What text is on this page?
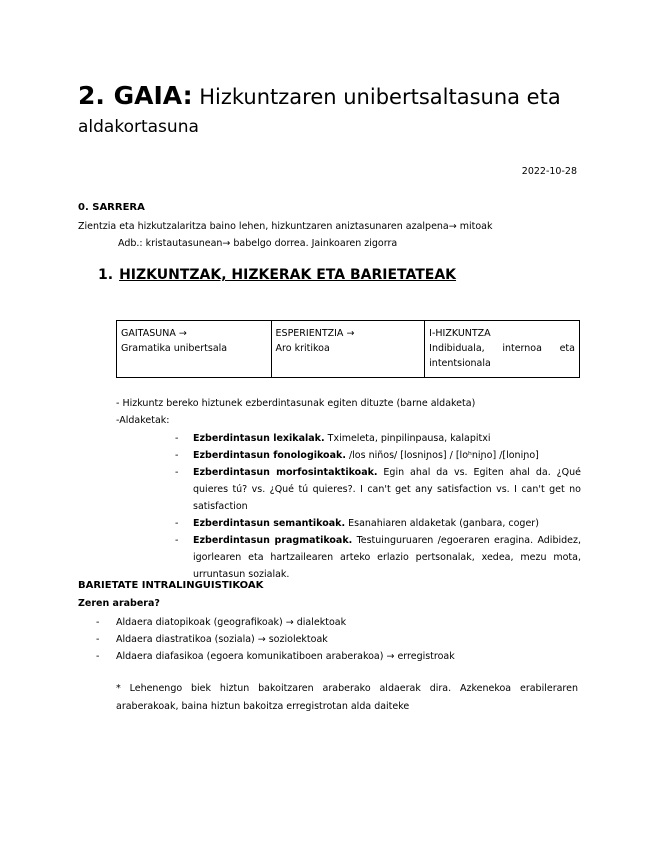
2. GAIA: Hizkuntzaren unibertsaltasuna eta
aldakortasuna
2022-10-28
0. SARRERA
Zientzia eta hizkutzalaritza baino lehen, hizkuntzaren aniztasunaren azalpena→ mitoak
Adb.: kristautasunean→ babelgo dorrea. Jainkoaren zigorra
1. HIZKUNTZAK, HIZKERAK ETA BARIETATEAK
GAITASUNA →
Gramatika unibertsala

ESPERIENTZIA →
Aro kritikoa

I-HIZKUNTZA
Indibiduala, internoa eta
intentsionala
- Hizkuntz bereko hiztunek ezberdintasunak egiten dituzte (barne aldaketa)
-Aldaketak:
- Ezberdintasun lexikalak. Tximeleta, pinpilinpausa, kalapitxi
- Ezberdintasun fonologikoak. /los niños/ [losniɲos] / [loʰniɲo] /[loniɲo]
- Ezberdintasun morfosintaktikoak. Egin ahal da vs. Egiten ahal da. ¿Qué quieres tú? vs. ¿Qué tú quieres?. I can't get any satisfaction vs. I can't get no satisfaction
- Ezberdintasun semantikoak. Esanahiaren aldaketak (ganbara, coger)
- Ezberdintasun pragmatikoak. Testuinguruaren /egoeraren eragina. Adibidez, igorlearen eta hartzailearen arteko erlazio pertsonalak, xedea, mezu mota, urruntasun sozialak.
BARIETATE INTRALINGUISTIKOAK
Zeren arabera?
- Aldaera diatopikoak (geografikoak) → dialektoak
- Aldaera diastratikoa (soziala) → soziolektoak
- Aldaera diafasikoa (egoera komunikatiboen araberakoa) → erregistroak
* Lehenengo biek hiztun bakoitzaren araberako aldaerak dira. Azkenekoa erabileraren araberakoak, baina hiztun bakoitza erregistrotan alda daiteke
